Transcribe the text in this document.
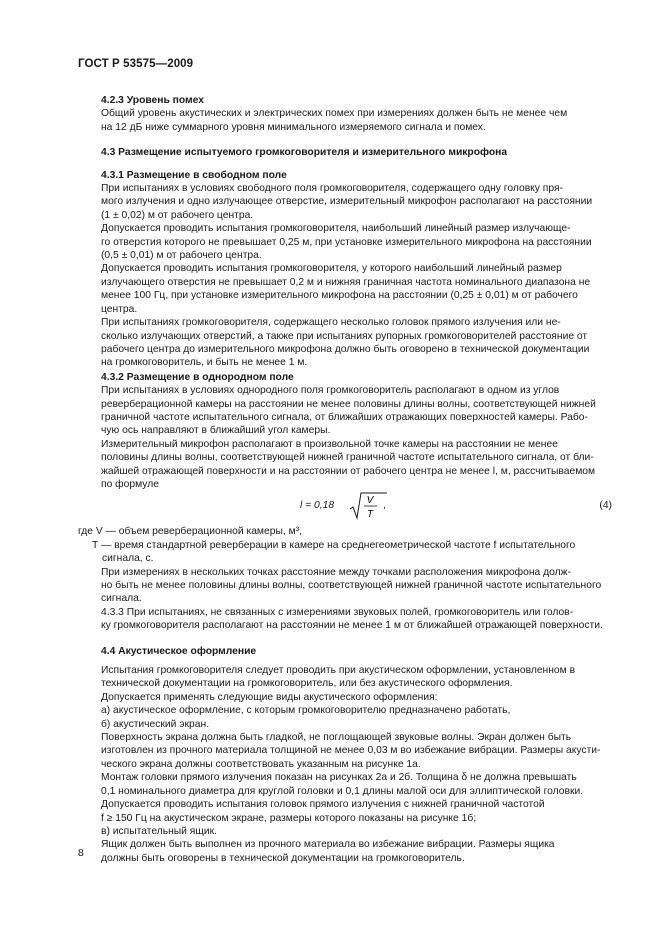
ГОСТ Р 53575—2009
4.2.3 Уровень помех
Общий уровень акустических и электрических помех при измерениях должен быть не менее чем
на 12 дБ ниже суммарного уровня минимального измеряемого сигнала и помех.
4.3 Размещение испытуемого громкоговорителя и измерительного микрофона
4.3.1 Размещение в свободном поле
При испытаниях в условиях свободного поля громкоговорителя, содержащего одну головку пря-
мого излучения и одно излучающее отверстие, измерительный микрофон располагают на расстоянии
(1 ± 0,02) м от рабочего центра.
Допускается проводить испытания громкоговорителя, наибольший линейный размер излучающе-
го отверстия которого не превышает 0,25 м, при установке измерительного микрофона на расстоянии
(0,5 ± 0,01) м от рабочего центра.
Допускается проводить испытания громкоговорителя, у которого наибольший линейный размер
излучающего отверстия не превышает 0,2 м и нижняя граничная частота номинального диапазона не
менее 100 Гц, при установке измерительного микрофона на расстоянии (0,25 ± 0,01) м от рабочего
центра.
При испытаниях громкоговорителя, содержащего несколько головок прямого излучения или не-
сколько излучающих отверстий, а также при испытаниях рупорных громкоговорителей расстояние от
рабочего центра до измерительного микрофона должно быть оговорено в технической документации
на громкоговоритель, и быть не менее 1 м.
4.3.2 Размещение в однородном поле
При испытаниях в условиях однородного поля громкоговоритель располагают в одном из углов
реверберационной камеры на расстоянии не менее половины длины волны, соответствующей нижней
граничной частоте испытательного сигнала, от ближайших отражающих поверхностей камеры. Рабо-
чую ось направляют в ближайший угол камеры.
Измерительный микрофон располагают в произвольной точке камеры на расстоянии не менее
половины длины волны, соответствующей нижней граничной частоте испытательного сигнала, от бли-
жайшей отражающей поверхности и на расстоянии от рабочего центра не менее l, м, рассчитываемом
по формуле
l = 0,18	V
T
,	(4)
где V — объем реверберационной камеры, м³,
T — время стандартной реверберации в камере на среднегеометрической частоте f испытательного
сигнала, с.
При измерениях в нескольких точках расстояние между точками расположения микрофона долж-
но быть не менее половины длины волны, соответствующей нижней граничной частоте испытательного
сигнала.
4.3.3 При испытаниях, не связанных с измерениями звуковых полей, громкоговоритель или голов-
ку громкоговорителя располагают на расстоянии не менее 1 м от ближайшей отражающей поверхности.
4.4 Акустическое оформление
Испытания громкоговорителя следует проводить при акустическом оформлении, установленном в
технической документации на громкоговоритель, или без акустического оформления.
Допускается применять следующие виды акустического оформления:
а) акустическое оформление, с которым громкоговорителю предназначено работать,
б) акустический экран.
Поверхность экрана должна быть гладкой, не поглощающей звуковые волны. Экран должен быть
изготовлен из прочного материала толщиной не менее 0,03 м во избежание вибрации. Размеры акусти-
ческого экрана должны соответствовать указанным на рисунке 1а.
Монтаж головки прямого излучения показан на рисунках 2а и 2б. Толщина δ не должна превышать
0,1 номинального диаметра для круглой головки и 0,1 длины малой оси для эллиптической головки.
Допускается проводить испытания головок прямого излучения с нижней граничной частотой
f ≥ 150 Гц на акустическом экране, размеры которого показаны на рисунке 1б;
в) испытательный ящик.
Ящик должен быть выполнен из прочного материала во избежание вибрации. Размеры ящика
должны быть оговорены в технической документации на громкоговоритель.
8
